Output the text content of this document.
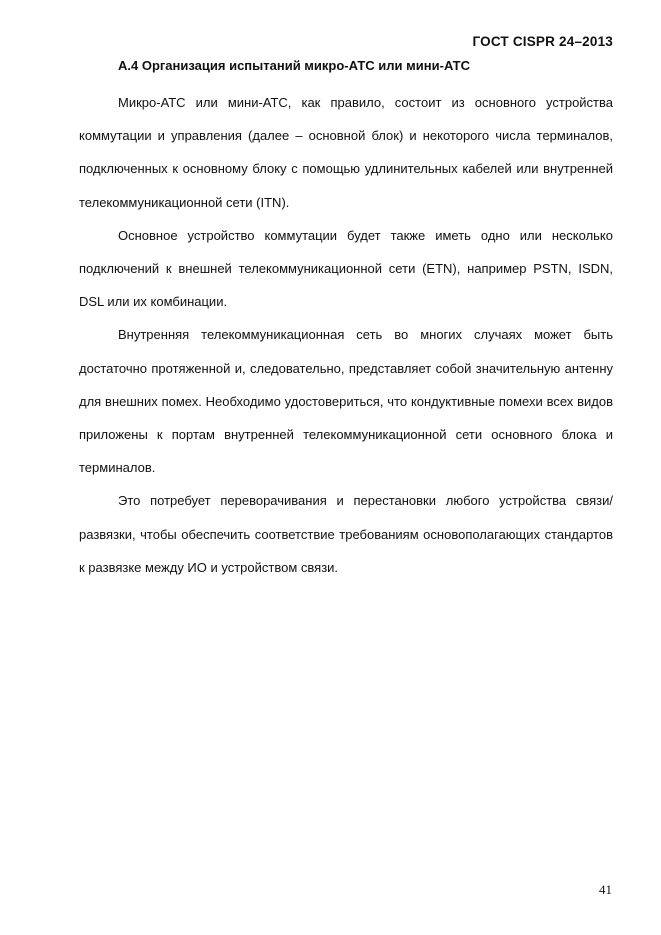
ГОСТ CISPR 24–2013
А.4 Организация испытаний микро-АТС или мини-АТС

Микро-АТС или мини-АТС, как правило, состоит из основного устройства коммутации и управления (далее – основной блок) и некоторого числа терминалов, подключенных к основному блоку с помощью удлинительных кабелей или внутренней телекоммуникационной сети (ITN).

Основное устройство коммутации будет также иметь одно или несколько подключений к внешней телекоммуникационной сети (ETN), например PSTN, ISDN, DSL или их комбинации.

Внутренняя телекоммуникационная сеть во многих случаях может быть достаточно протяженной и, следовательно, представляет собой значительную антенну для внешних помех. Необходимо удостовериться, что кондуктивные помехи всех видов приложены к портам внутренней телекоммуникационной сети основного блока и терминалов.

Это потребует переворачивания и перестановки любого устройства связи/развязки, чтобы обеспечить соответствие требованиям основополагающих стандартов к развязке между ИО и устройством связи.

41
